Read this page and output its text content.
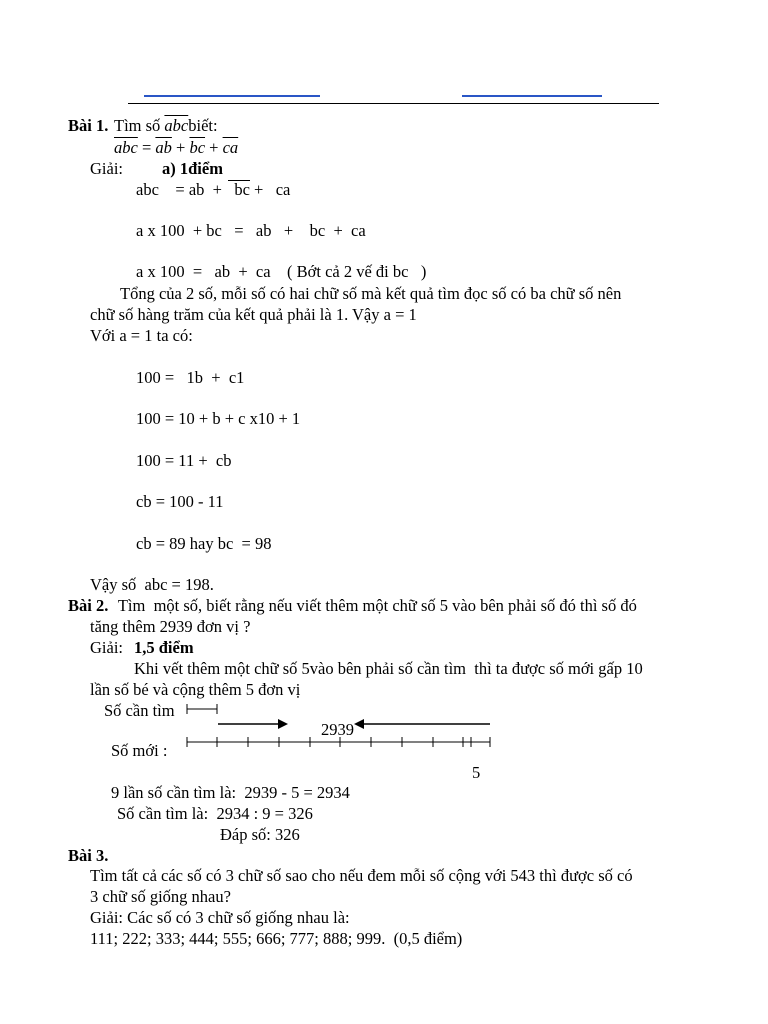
Bài 1. Tìm số $\overline{abc}biết$:
$\overline{abc} = \overline{ab} + \overline{bc} + \overline{ca}$
Giải: a) 1điểm
abc    = ab  +   bc +   ca
a x 100  + bc   =   ab   +    bc  +  ca
a x 100  =   ab  +  ca    ( Bớt cả 2 vế đi bc   )
Tổng của 2 số, mỗi số có hai chữ số mà kết quả tìm đọc số có ba chữ số nên
chữ số hàng trăm của kết quả phải là 1. Vậy a = 1
Với a = 1 ta có:
100 =   1b  +  c1
100 = 10 + b + c x10 + 1
100 = 11 +  cb
cb = 100 - 11
cb = 89 hay bc  = 98
Vậy số  abc = 198.
Bài 2. Tìm  một số, biết rằng nếu viết thêm một chữ số 5 vào bên phải số đó thì số đó
tăng thêm 2939 đơn vị ?
Giải: 1,5 điểm
Khi vết thêm một chữ số 5vào bên phải số cần tìm  thì ta được số mới gấp 10
lần số bé và cộng thêm 5 đơn vị
Số cần tìm
Số mới :
2939
5
9 lần số cần tìm là:  2939 - 5 = 2934
Số cần tìm là:  2934 : 9 = 326
Đáp số: 326
Bài 3.
Tìm tất cả các số có 3 chữ số sao cho nếu đem mỗi số cộng với 543 thì được số có
3 chữ số giống nhau?
Giải: Các số có 3 chữ số giống nhau là:
111; 222; 333; 444; 555; 666; 777; 888; 999.  (0,5 điểm)
